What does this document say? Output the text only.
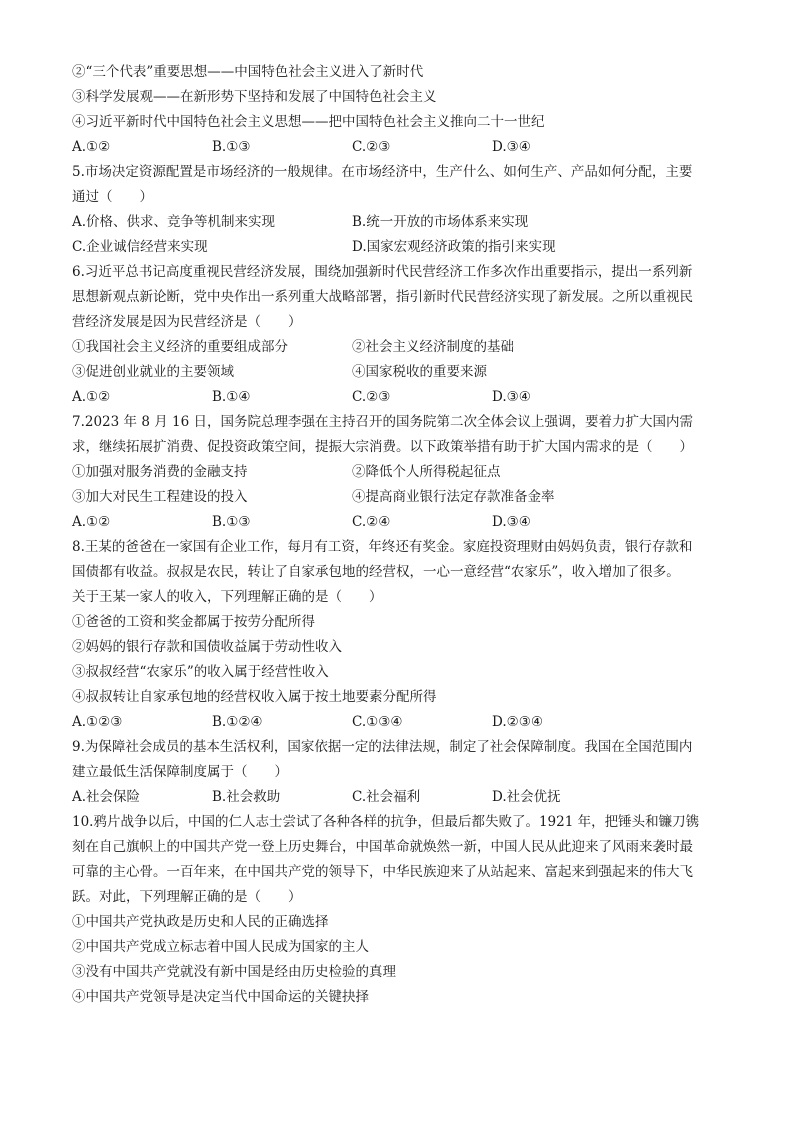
②“三个代表”重要思想——中国特色社会主义进入了新时代
③科学发展观——在新形势下坚持和发展了中国特色社会主义
④习近平新时代中国特色社会主义思想——把中国特色社会主义推向二十一世纪
A.①②	B.①③	C.②③	D.③④
5.市场决定资源配置是市场经济的一般规律。在市场经济中，生产什么、如何生产、产品如何分配，主要
通过（　　）
A.价格、供求、竞争等机制来实现	B.统一开放的市场体系来实现
C.企业诚信经营来实现	D.国家宏观经济政策的指引来实现
6.习近平总书记高度重视民营经济发展，围绕加强新时代民营经济工作多次作出重要指示，提出一系列新
思想新观点新论断，党中央作出一系列重大战略部署，指引新时代民营经济实现了新发展。之所以重视民
营经济发展是因为民营经济是（　　）
①我国社会主义经济的重要组成部分	②社会主义经济制度的基础
③促进创业就业的主要领域	④国家税收的重要来源
A.①②	B.①④	C.②③	D.③④
7.2023 年 8 月 16 日，国务院总理李强在主持召开的国务院第二次全体会议上强调，要着力扩大国内需
求，继续拓展扩消费、促投资政策空间，提振大宗消费。以下政策举措有助于扩大国内需求的是（　　）
①加强对服务消费的金融支持	②降低个人所得税起征点
③加大对民生工程建设的投入	④提高商业银行法定存款准备金率
A.①②	B.①③	C.②④	D.③④
8.王某的爸爸在一家国有企业工作，每月有工资，年终还有奖金。家庭投资理财由妈妈负责，银行存款和
国债都有收益。叔叔是农民，转让了自家承包地的经营权，一心一意经营“农家乐”，收入增加了很多。
关于王某一家人的收入，下列理解正确的是（　　）
①爸爸的工资和奖金都属于按劳分配所得
②妈妈的银行存款和国债收益属于劳动性收入
③叔叔经营“农家乐”的收入属于经营性收入
④叔叔转让自家承包地的经营权收入属于按土地要素分配所得
A.①②③	B.①②④	C.①③④	D.②③④
9.为保障社会成员的基本生活权利，国家依据一定的法律法规，制定了社会保障制度。我国在全国范围内
建立最低生活保障制度属于（　　）
A.社会保险	B.社会救助	C.社会福利	D.社会优抚
10.鸦片战争以后，中国的仁人志士尝试了各种各样的抗争，但最后都失败了。1921 年，把锤头和镰刀镌
刻在自己旗帜上的中国共产党一登上历史舞台，中国革命就焕然一新，中国人民从此迎来了风雨来袭时最
可靠的主心骨。一百年来，在中国共产党的领导下，中华民族迎来了从站起来、富起来到强起来的伟大飞
跃。对此，下列理解正确的是（　　）
①中国共产党执政是历史和人民的正确选择
②中国共产党成立标志着中国人民成为国家的主人
③没有中国共产党就没有新中国是经由历史检验的真理
④中国共产党领导是决定当代中国命运的关键抉择
